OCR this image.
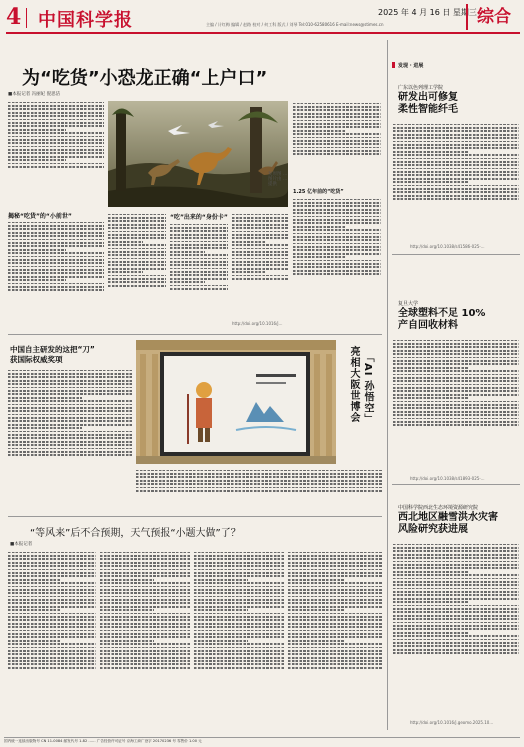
4 中国科学报	2025 年 4 月 16 日 星期三
主编 / 计红梅 编辑 / 赵路 校对 / 何工科 版式 / 刘琴 Tel:010-62580616 E-mail:news@stimes.cn	综合
为“吃货”小恐龙正确“上户口”
■本报记者 冯丽妃 倪思洁
揭秘“吃货”的“小前世”
复原图 …图片由 … 提供
“吃”出来的“身份卡”
http://doi.org/10.1016/j…
1.25 亿年前的“吃货”
发现 · 进展
广东以色列理工学院
研发出可修复
柔性智能纤毛
http://doi.org/10.1038/s41586-025-...
复旦大学
全球塑料不足 10%
产自回收材料
http://doi.org/10.1038/s41893-025-...
中国科学院西北生态环境资源研究院
西北地区融雪洪水灾害
风险研究获进展
http://doi.org/10.1016/j.geomo.2025.10...
中国自主研发的这把“刀”
获国际权威奖项	亮相大阪世博会 「AI 孙悟空」
“等风来”后不合预期，天气预报“小题大做”了？
■本报记者
国内统一连续出版物号 CN 11-0084 邮发代号 1-82 …… 广告经营许可证号 京海工商广登字 20170236 号 零售价 1.00 元
